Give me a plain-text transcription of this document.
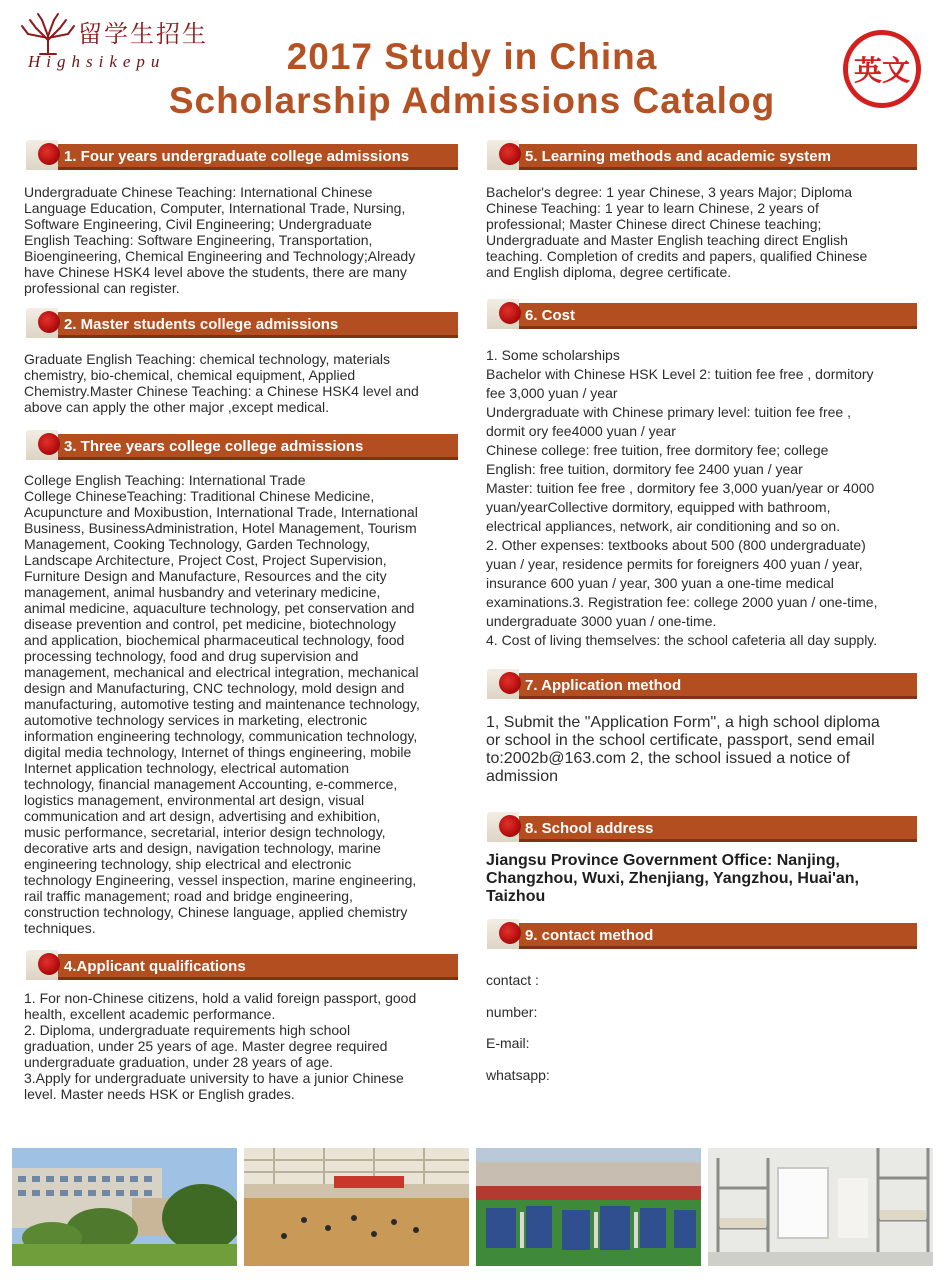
留学生招生
Highsikepu	2017 Study in China
Scholarship Admissions Catalog
英文
1. Four years undergraduate college admissions

Undergraduate Chinese Teaching: International Chinese

Language Education, Computer, International Trade, Nursing,

Software Engineering, Civil Engineering; Undergraduate

English Teaching: Software Engineering, Transportation,

Bioengineering, Chemical Engineering and Technology;Already

have Chinese HSK4 level above the students, there are many

professional can register.

2. Master students college admissions

Graduate English Teaching: chemical technology, materials

chemistry, bio-chemical, chemical equipment, Applied

Chemistry.Master Chinese Teaching: a Chinese HSK4 level and

above can apply the other major ,except medical.

3. Three years college college admissions

College English Teaching: International Trade

College ChineseTeaching: Traditional Chinese Medicine,

Acupuncture and Moxibustion, International Trade, International

Business, BusinessAdministration, Hotel Management, Tourism

Management, Cooking Technology, Garden Technology,

Landscape Architecture, Project Cost, Project Supervision,

Furniture Design and Manufacture, Resources and the city

management, animal husbandry and veterinary medicine,

animal medicine, aquaculture technology, pet conservation and

disease prevention and control, pet medicine, biotechnology

and application, biochemical pharmaceutical technology, food

processing technology, food and drug supervision and

management, mechanical and electrical integration, mechanical

design and Manufacturing, CNC technology, mold design and

manufacturing, automotive testing and maintenance technology,

automotive technology services in marketing, electronic

information engineering technology, communication technology,

digital media technology, Internet of things engineering, mobile

Internet application technology, electrical automation

technology, financial management Accounting, e-commerce,

logistics management, environmental art design, visual

communication and art design, advertising and exhibition,

music performance, secretarial, interior design technology,

decorative arts and design, navigation technology, marine

engineering technology, ship electrical and electronic

technology Engineering, vessel inspection, marine engineering,

rail traffic management; road and bridge engineering,

construction technology, Chinese language, applied chemistry

techniques.

4.Applicant qualifications

1. For non-Chinese citizens, hold a valid foreign passport, good

health, excellent academic performance.

2. Diploma, undergraduate requirements high school

graduation, under 25 years of age. Master degree required

undergraduate graduation, under 28 years of age.

3.Apply for undergraduate university to have a junior Chinese

level. Master needs HSK or English grades.

5. Learning methods and academic system

Bachelor's degree: 1 year Chinese, 3 years Major; Diploma

Chinese Teaching: 1 year to learn Chinese, 2 years of

professional; Master Chinese direct Chinese teaching;

Undergraduate and Master English teaching direct English

teaching. Completion of credits and papers, qualified Chinese

and English diploma, degree certificate.

6. Cost

1. Some scholarships

Bachelor with Chinese HSK Level 2: tuition fee free , dormitory

fee 3,000 yuan / year

Undergraduate with Chinese primary level: tuition fee free ,

dormit ory fee4000 yuan / year

Chinese college: free tuition, free dormitory fee; college

English: free tuition, dormitory fee 2400 yuan / year

Master: tuition fee free , dormitory fee 3,000 yuan/year or 4000

yuan/yearCollective dormitory, equipped with bathroom,

electrical appliances, network, air conditioning and so on.

2. Other expenses: textbooks about 500 (800 undergraduate)

yuan / year, residence permits for foreigners 400 yuan / year,

insurance 600 yuan / year, 300 yuan a one-time medical

examinations.3. Registration fee: college 2000 yuan / one-time,

undergraduate 3000 yuan / one-time.

4. Cost of living themselves: the school cafeteria all day supply.

7. Application method

1, Submit the "Application Form", a high school diploma

or school in the school certificate, passport, send email

to:2002b@163.com 2, the school issued a notice of

admission

8. School address

Jiangsu Province Government Office: Nanjing,

Changzhou, Wuxi, Zhenjiang, Yangzhou, Huai'an,

Taizhou

9. contact method
contact :
number:
E-mail:
whatsapp:
